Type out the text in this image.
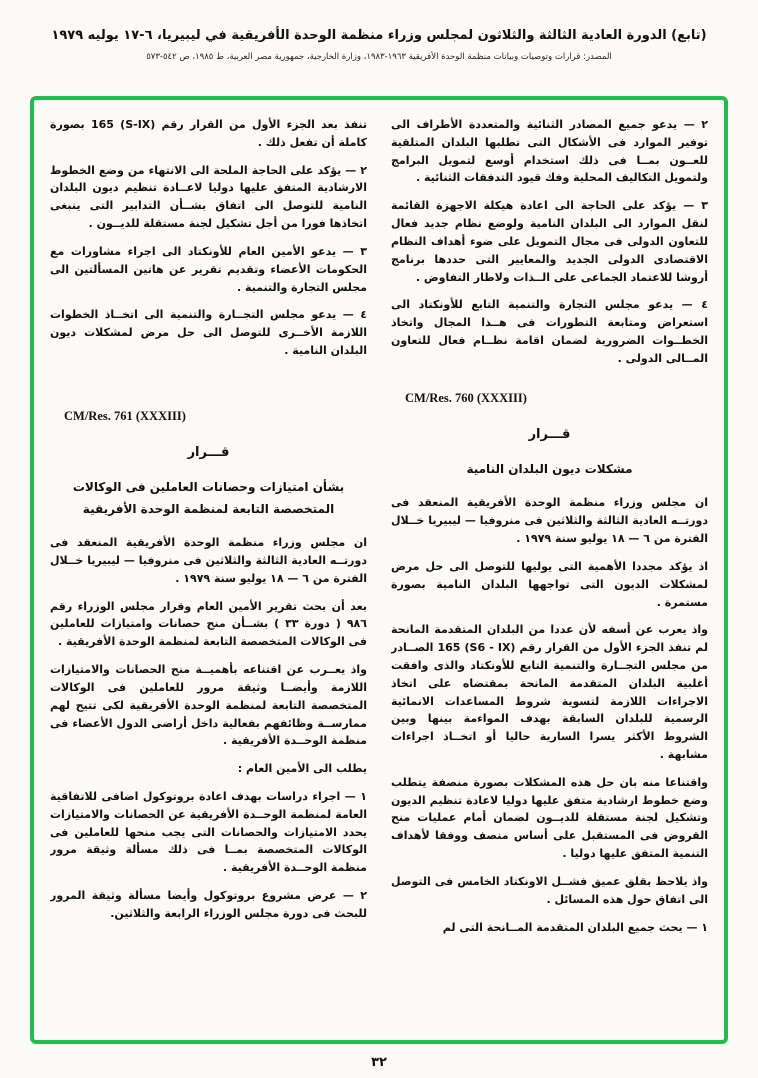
(تابع) الدورة العادية الثالثة والثلاثون لمجلس وزراء منظمة الوحدة الأفريقية في ليبيريا، ٦-١٧ يوليه ١٩٧٩
المصدر: قرارات وتوصيات وبيانات منظمة الوحدة الأفريقية ١٩٦٣-١٩٨٣، وزارة الخارجية، جمهورية مصر العربية، ط ١٩٨٥، ص ٥٤٢-٥٧٣

٢ — يدعو جميع المصادر الثنائية والمتعددة الأطراف الى توفير الموارد فى الأشكال التى تطلبها البلدان المتلقية للعــون بمــا فى ذلك استخدام أوسع لتمويل البرامج ولتمويل التكاليف المحلية وفك قيود التدفقات الثنائية .

٣ — يؤكد على الحاجة الى اعادة هيكلة الاجهزة القائمة لنقل الموارد الى البلدان النامية ولوضع نظام جديد فعال للتعاون الدولى فى مجال التمويل على ضوء أهداف النظام الاقتصادى الدولى الجديد والمعايير التى حددها برنامج أروشا للاعتماد الجماعى على الــذات ولاطار التفاوض .

٤ — يدعو مجلس التجارة والتنمية التابع للأونكتاد الى استعراض ومتابعة التطورات فى هــذا المجال واتخاذ الخطــوات الضرورية لضمان اقامة نظــام فعال للتعاون المــالى الدولى .

CM/Res. 760 (XXXIII)
قـــرار
مشكلات ديون البلدان النامية

ان مجلس وزراء منظمة الوحدة الأفريقية المنعقد فى دورتــه العادية الثالثة والثلاثين فى منروفيا — ليبيريا خــلال الفترة من ٦ — ١٨ يوليو سنة ١٩٧٩ .

اذ يؤكد مجددا الأهمية التى يوليها للتوصل الى حل مرض لمشكلات الديون التى تواجهها البلدان النامية بصورة مستمرة .

واذ يعرب عن أسفه لأن عددا من البلدان المتقدمة المانحة لم تنفذ الجزء الأول من القرار رقم ‎165 (S6 - IX)‎ الصــادر من مجلس التجــارة والتنمية التابع للأونكتاد والذى وافقت أغلبية البلدان المتقدمة المانحة بمقتضاه على اتخاذ الاجراءات اللازمة لتسوية شروط المساعدات الانمائية الرسمية للبلدان السابقة بهدف المواءمة بينها وبين الشروط الأكثر يسرا السارية حاليا أو اتخــاذ اجراءات مشابهة .

واقتناعا منه بان حل هذه المشكلات بصورة منصفة يتطلب وضع خطوط ارشادية متفق عليها دوليا لاعادة تنظيم الديون وتشكيل لجنة مستقلة للديــون لضمان أمام عمليات منح القروض فى المستقبل على أساس منصف ووفقا لأهداف التنمية المتفق عليها دوليا .

واذ يلاحظ بقلق عميق فشــل الاونكتاد الخامس فى التوصل الى اتفاق حول هذه المسائل .

١ — يحث جميع البلدان المتقدمة المــانحة التى لم

تنفذ بعد الجزء الأول من القرار رقم ‎165 (S-IX)‎ بصورة كاملة أن تفعل ذلك .

٢ — يؤكد على الحاجة الملحة الى الانتهاء من وضع الخطوط الارشادية المتفق عليها دوليا لاعــادة تنظيم ديون البلدان النامية للتوصل الى اتفاق بشــأن التدابير التى ينبغى اتخاذها فورا من أجل تشكيل لجنة مستقلة للديــون .

٣ — يدعو الأمين العام للأونكتاد الى اجراء مشاورات مع الحكومات الأعضاء وتقديم تقرير عن هاتين المسألتين الى مجلس التجارة والتنمية .

٤ — يدعو مجلس التجــارة والتنمية الى اتخــاذ الخطوات اللازمة الأخــرى للتوصل الى حل مرض لمشكلات ديون البلدان النامية .

CM/Res. 761 (XXXIII)
قـــرار
بشأن امتيازات وحصانات العاملين فى الوكالات المتخصصة التابعة لمنظمة الوحدة الأفريقية

ان مجلس وزراء منظمة الوحدة الأفريقية المنعقد فى دورتــه العادية الثالثة والثلاثين فى منروفيا — ليبيريا خــلال الفترة من ٦ — ١٨ يوليو سنة ١٩٧٩ .

بعد أن بحث تقرير الأمين العام وقرار مجلس الوزراء رقم ٩٨٦ ( دورة ٣٣ ) بشــأن منح حصانات وامتيازات للعاملين فى الوكالات المتخصصة التابعة لمنظمة الوحدة الأفريقية .

واذ يعــرب عن اقتناعه بأهميــة منح الحصانات والامتيازات اللازمة وأيضــا وثيقة مرور للعاملين فى الوكالات المتخصصة التابعة لمنظمة الوحدة الأفريقية لكى تتيح لهم ممارســة وظائفهم بفعالية داخل أراضى الدول الأعضاء فى منظمة الوحــدة الأفريقية .

يطلب الى الأمين العام :

١ — اجراء دراسات بهدف اعادة بروتوكول اضافى للاتفاقية العامة لمنظمة الوحــدة الأفريقية عن الحصانات والامتيازات يحدد الامتيازات والحصانات التى يجب منحها للعاملين فى الوكالات المتخصصة بمــا فى ذلك مسألة وثيقة مرور منظمة الوحــدة الأفريقية .

٢ — عرض مشروع بروتوكول وأيضا مسألة وثيقة المرور للبحث فى دورة مجلس الوزراء الرابعة والثلاثين.

٣٢
